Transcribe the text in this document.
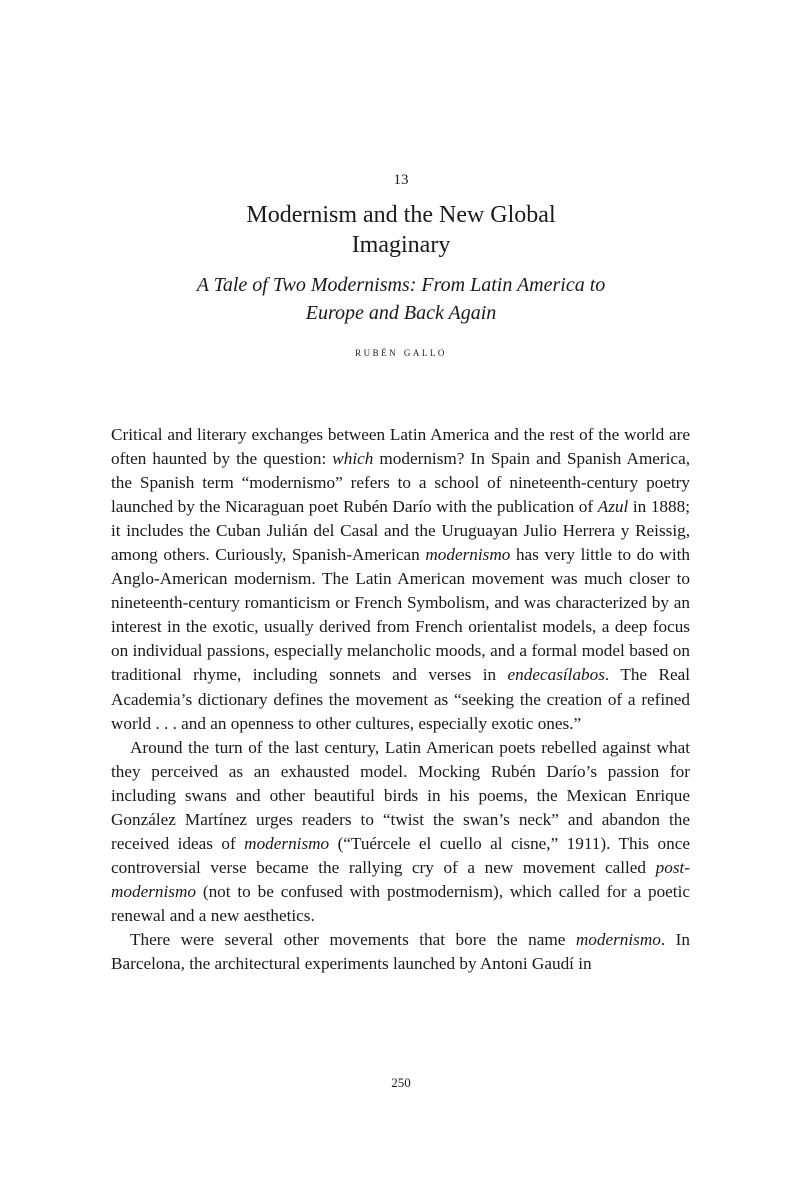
13
Modernism and the New Global
Imaginary
A Tale of Two Modernisms: From Latin America to
Europe and Back Again
rubén gallo

Critical and literary exchanges between Latin America and the rest of the world are often haunted by the question: which modernism? In Spain and Spanish America, the Spanish term “modernismo” refers to a school of nineteenth-century poetry launched by the Nicaraguan poet Rubén Darío with the publication of Azul in 1888; it includes the Cuban Julián del Casal and the Uruguayan Julio Herrera y Reissig, among others. Curiously, Spanish-American modernismo has very little to do with Anglo-American modernism. The Latin American movement was much closer to nineteenth-century romanticism or French Symbolism, and was characterized by an interest in the exotic, usually derived from French orientalist models, a deep focus on individual passions, especially melancholic moods, and a formal model based on traditional rhyme, including sonnets and verses in endecasílabos. The Real Academia’s dictionary defines the movement as “seeking the creation of a refined world . . . and an openness to other cultures, especially exotic ones.”

Around the turn of the last century, Latin American poets rebelled against what they perceived as an exhausted model. Mocking Rubén Darío’s passion for including swans and other beautiful birds in his poems, the Mexican Enrique González Martínez urges readers to “twist the swan’s neck” and abandon the received ideas of modernismo (“Tuércele el cuello al cisne,” 1911). This once controversial verse became the rallying cry of a new movement called post-modernismo (not to be confused with postmodernism), which called for a poetic renewal and a new aesthetics.

There were several other movements that bore the name modernismo. In Barcelona, the architectural experiments launched by Antoni Gaudí in

250
